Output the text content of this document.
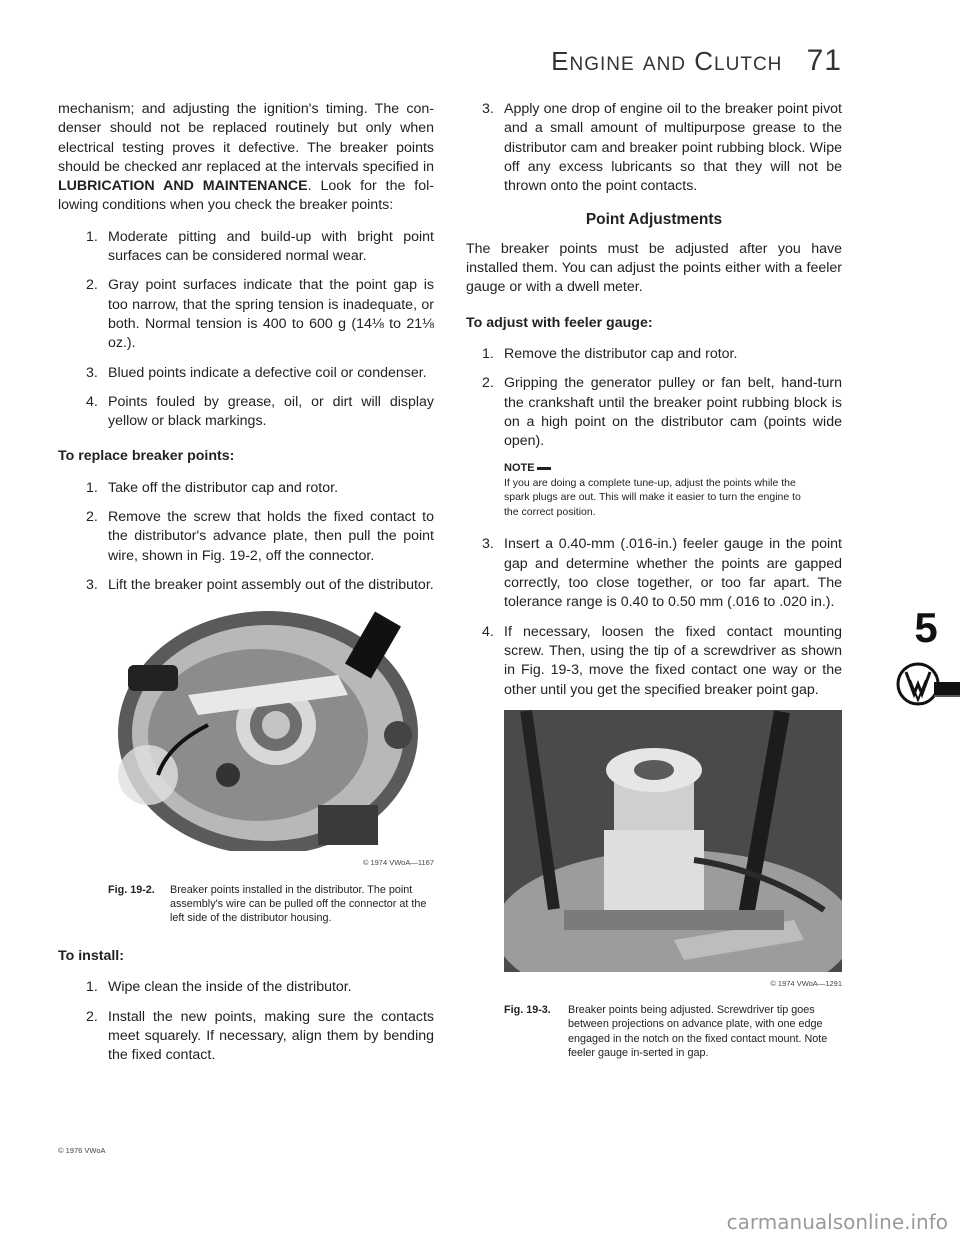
ENGINE AND CLUTCH 71

mechanism; and adjusting the ignition's timing. The con-denser should not be replaced routinely but only when electrical testing proves it defective. The breaker points should be checked anr replaced at the intervals specified in LUBRICATION AND MAINTENANCE. Look for the fol-lowing conditions when you check the breaker points:

1. Moderate pitting and build-up with bright point surfaces can be considered normal wear.
2. Gray point surfaces indicate that the point gap is too narrow, that the spring tension is inadequate, or both. Normal tension is 400 to 600 g (14⅛ to 21⅛ oz.).
3. Blued points indicate a defective coil or condenser.
4. Points fouled by grease, oil, or dirt will display yellow or black markings.
To replace breaker points:
1. Take off the distributor cap and rotor.
2. Remove the screw that holds the fixed contact to the distributor's advance plate, then pull the point wire, shown in Fig. 19-2, off the connector.
3. Lift the breaker point assembly out of the distributor.
© 1974 VWoA—1167
Fig. 19-2.	Breaker points installed in the distributor. The point assembly's wire can be pulled off the connector at the left side of the distributor housing.
To install:
1. Wipe clean the inside of the distributor.
2. Install the new points, making sure the contacts meet squarely. If necessary, align them by bending the fixed contact.
© 1976 VWoA
3. Apply one drop of engine oil to the breaker point pivot and a small amount of multipurpose grease to the distributor cam and breaker point rubbing block. Wipe off any excess lubricants so that they will not be thrown onto the point contacts.
Point Adjustments

The breaker points must be adjusted after you have installed them. You can adjust the points either with a feeler gauge or with a dwell meter.

To adjust with feeler gauge:
1. Remove the distributor cap and rotor.
2. Gripping the generator pulley or fan belt, hand-turn the crankshaft until the breaker point rubbing block is on a high point on the distributor cam (points wide open).
NOTE
If you are doing a complete tune-up, adjust the points while the spark plugs are out. This will make it easier to turn the engine to the correct position.
3. Insert a 0.40-mm (.016-in.) feeler gauge in the point gap and determine whether the points are gapped correctly, too close together, or too far apart. The tolerance range is 0.40 to 0.50 mm (.016 to .020 in.).
4. If necessary, loosen the fixed contact mounting screw. Then, using the tip of a screwdriver as shown in Fig. 19-3, move the fixed contact one way or the other until you get the specified breaker point gap.
© 1974 VWoA—1291
Fig. 19-3.	Breaker points being adjusted. Screwdriver tip goes between projections on advance plate, with one edge engaged in the notch on the fixed contact mount. Note feeler gauge in-serted in gap.
5
carmanualsonline.info
